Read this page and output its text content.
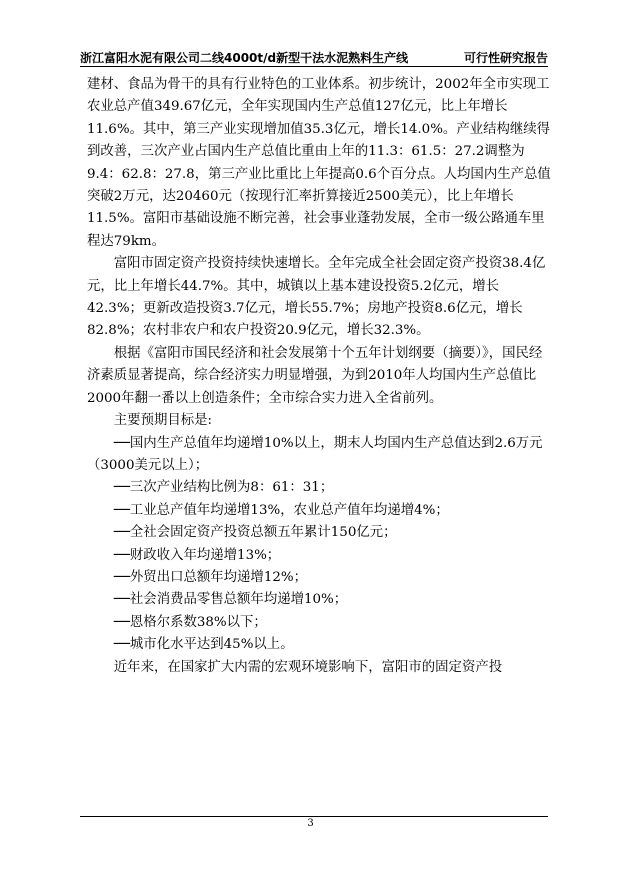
浙江富阳水泥有限公司二线4000t/d新型干法水泥熟料生产线	可行性研究报告

建材、食品为骨干的具有行业特色的工业体系。初步统计，2002年全市实现工农业总产值349.67亿元，全年实现国内生产总值127亿元，比上年增长11.6%。其中，第三产业实现增加值35.3亿元，增长14.0%。产业结构继续得到改善，三次产业占国内生产总值比重由上年的11.3：61.5：27.2调整为9.4：62.8：27.8，第三产业比重比上年提高0.6个百分点。人均国内生产总值突破2万元，达20460元（按现行汇率折算接近2500美元），比上年增长11.5%。富阳市基础设施不断完善，社会事业蓬勃发展，全市一级公路通车里程达79km。

富阳市固定资产投资持续快速增长。全年完成全社会固定资产投资38.4亿元，比上年增长44.7%。其中，城镇以上基本建设投资5.2亿元，增长42.3%；更新改造投资3.7亿元，增长55.7%；房地产投资8.6亿元，增长82.8%；农村非农户和农户投资20.9亿元，增长32.3%。

根据《富阳市国民经济和社会发展第十个五年计划纲要（摘要）》，国民经济素质显著提高，综合经济实力明显增强，为到2010年人均国内生产总值比2000年翻一番以上创造条件；全市综合实力进入全省前列。

主要预期目标是:

──国内生产总值年均递增10%以上，期末人均国内生产总值达到2.6万元（3000美元以上）；

──三次产业结构比例为8：61：31；

──工业总产值年均递增13%，农业总产值年均递增4%；

──全社会固定资产投资总额五年累计150亿元；

──财政收入年均递增13%；

──外贸出口总额年均递增12%；

──社会消费品零售总额年均递增10%；

──恩格尔系数38%以下；

──城市化水平达到45%以上。

近年来，在国家扩大内需的宏观环境影响下，富阳市的固定资产投

3
